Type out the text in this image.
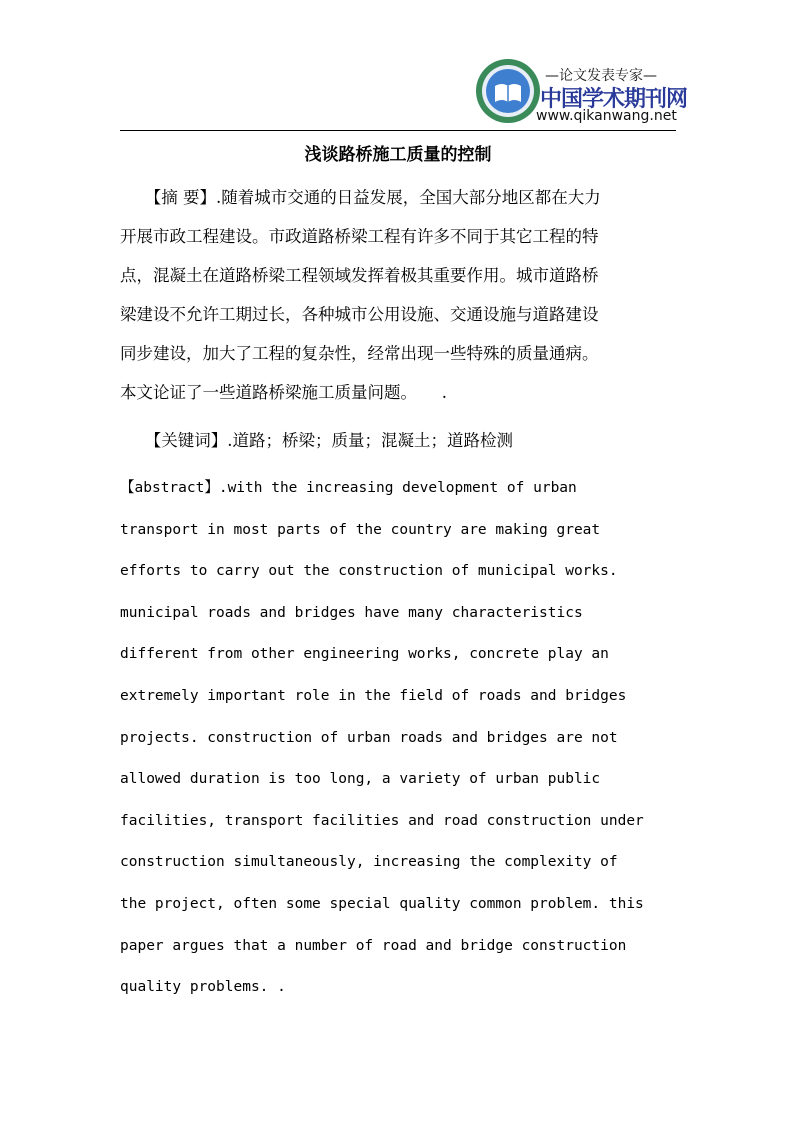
—论文发表专家—
中国学术期刊网
www.qikanwang.net
浅谈路桥施工质量的控制
　　【摘 要】.随着城市交通的日益发展，全国大部分地区都在大力
开展市政工程建设。市政道路桥梁工程有许多不同于其它工程的特
点，混凝土在道路桥梁工程领域发挥着极其重要作用。城市道路桥
梁建设不允许工期过长，各种城市公用设施、交通设施与道路建设
同步建设，加大了工程的复杂性，经常出现一些特殊的质量通病。
本文论证了一些道路桥梁施工质量问题。　　.
　　【关键词】.道路；桥梁；质量；混凝土；道路检测
【abstract】.with the increasing development of urban
transport in most parts of the country are making great
efforts to carry out the construction of municipal works.
municipal roads and bridges have many characteristics
different from other engineering works, concrete play an
extremely important role in the field of roads and bridges
projects. construction of urban roads and bridges are not
allowed duration is too long, a variety of urban public
facilities, transport facilities and road construction under
construction simultaneously, increasing the complexity of
the project, often some special quality common problem. this
paper argues that a number of road and bridge construction
quality problems. .
